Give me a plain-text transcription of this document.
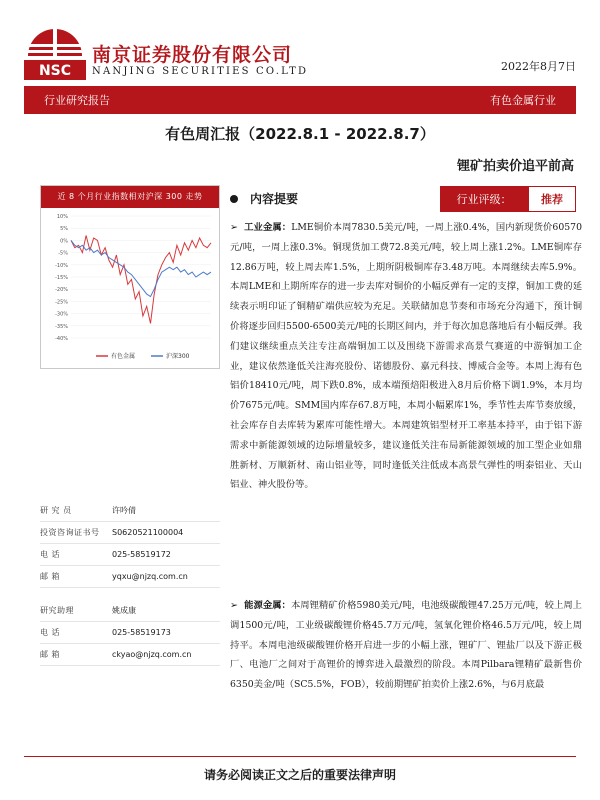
NSC
南京证券股份有限公司
NANJING SECURITIES CO.LTD	2022年8月7日
行业研究报告	有色金属行业
有色周汇报（2022.8.1 - 2022.8.7）
锂矿拍卖价追平前高
近 8 个月行业指数相对沪深 300 走势
10%
5%
0%
-5%
-10%
-15%
-20%
-25%
-30%
-35%
-40%
有色金属	沪深300
研 究 员	许吟倩
投资咨询证书号	S0620521100004
电 话	025-58519172
邮 箱	yqxu@njzq.com.cn
研究助理	姚成康
电 话	025-58519173
邮 箱	ckyao@njzq.com.cn
内容提要	行业评级：	推荐
➢ 工业金属：LME铜价本周7830.5美元/吨，一周上涨0.4%，国内新现货价60570元/吨，一周上涨0.3%。铜现货加工费72.8美元/吨，较上周上涨1.2%。LME铜库存12.86万吨，较上周去库1.5%，上期所阴极铜库存3.48万吨。本周继续去库5.9%。本周LME和上期所库存的进一步去库对铜价的小幅反弹有一定的支撑，铜加工费的延续表示明印证了铜精矿端供应较为充足。关联储加息节奏和市场充分沟通下，预计铜价将逐步回归5500-6500美元/吨的长期区间内，并于每次加息落地后有小幅反弹。我们建议继续重点关注专注高端铜加工以及围绕下游需求高景气赛道的中游铜加工企业，建议依然逢低关注海亮股份、诺德股份、嘉元科技、博威合金等。本周上海有色铝价18410元/吨，周下跌0.8%，成本端预焙阳极进入8月后价格下调1.9%，本月均价7675元/吨。SMM国内库存67.8万吨，本周小幅累库1%，季节性去库节奏放缓，社会库存自去库转为累库可能性增大。本周建筑铝型材开工率基本持平，由于铝下游需求中新能源领域的边际增量较多，建议逢低关注布局新能源领域的加工型企业如鼎胜新材、万顺新材、南山铝业等，同时逢低关注低成本高景气弹性的明泰铝业、天山铝业、神火股份等。
➢ 能源金属：本周锂精矿价格5980美元/吨，电池级碳酸锂47.25万元/吨，较上周上调1500元/吨，工业级碳酸锂价格45.7万元/吨，氢氧化锂价格46.5万元/吨，较上周持平。本周电池级碳酸锂价格开启进一步的小幅上涨，锂矿厂、锂盐厂以及下游正极厂、电池厂之间对于高锂价的博弈进入最激烈的阶段。本周Pilbara锂精矿最新售价6350美金/吨（SC5.5%，FOB），较前期锂矿拍卖价上涨2.6%，与6月底最
请务必阅读正文之后的重要法律声明
